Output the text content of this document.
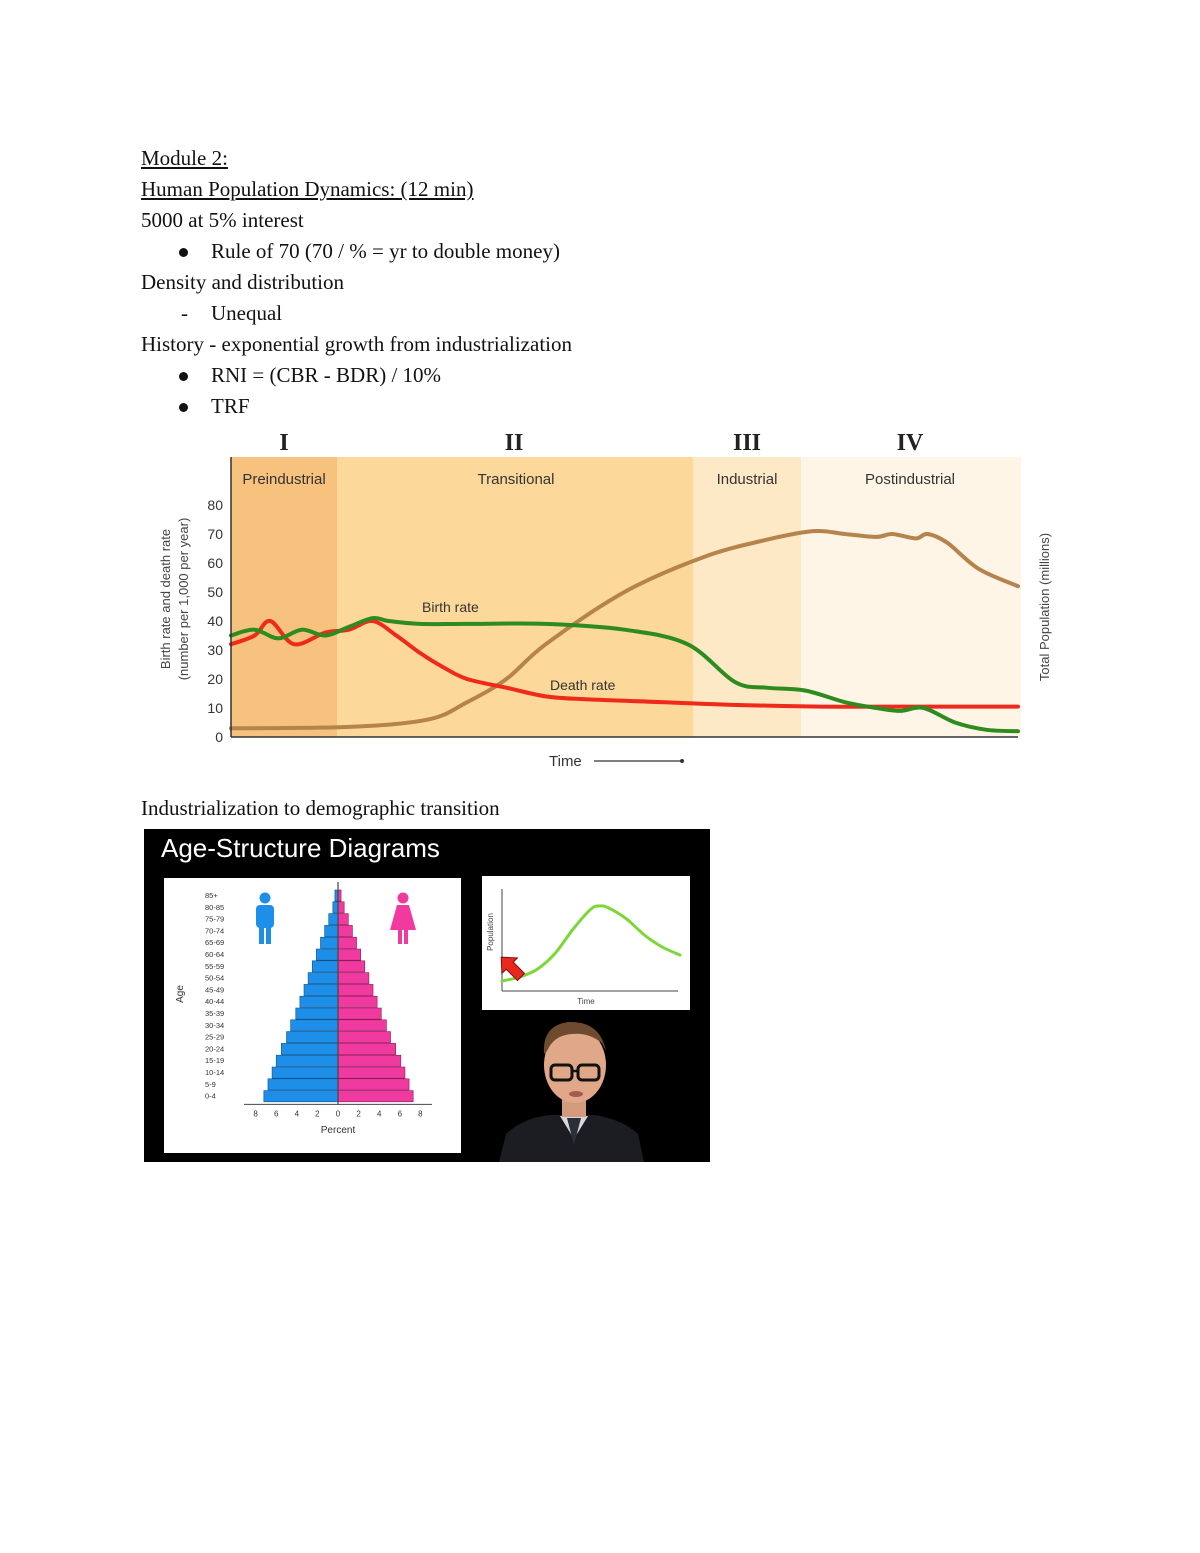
Module 2:
Human Population Dynamics: (12 min)
5000 at 5% interest
Rule of 70 (70 / % = yr to double money)
Density and distribution
- Unequal
History - exponential growth from industrialization
RNI = (CBR - BDR) / 10%
TRF
I
Preindustrial
II
Transitional
III
Industrial
IV
Postindustrial
0
10
20
30
40
50
60
70
80
Birth rate
Death rate
Time
Birth rate and death rate (number per 1,000 per year)	Total Population (millions)
Industrialization to demographic transition
Age-Structure Diagrams
85+
80-85
75-79
70-74
65-69
60-64
55-59
50-54
45-49
40-44
35-39
30-34
25-29
20-24
15-19
10-14
5-9
0-4
8 6 4 2 0 2 4 6 8
Percent
Age	Time
Population
